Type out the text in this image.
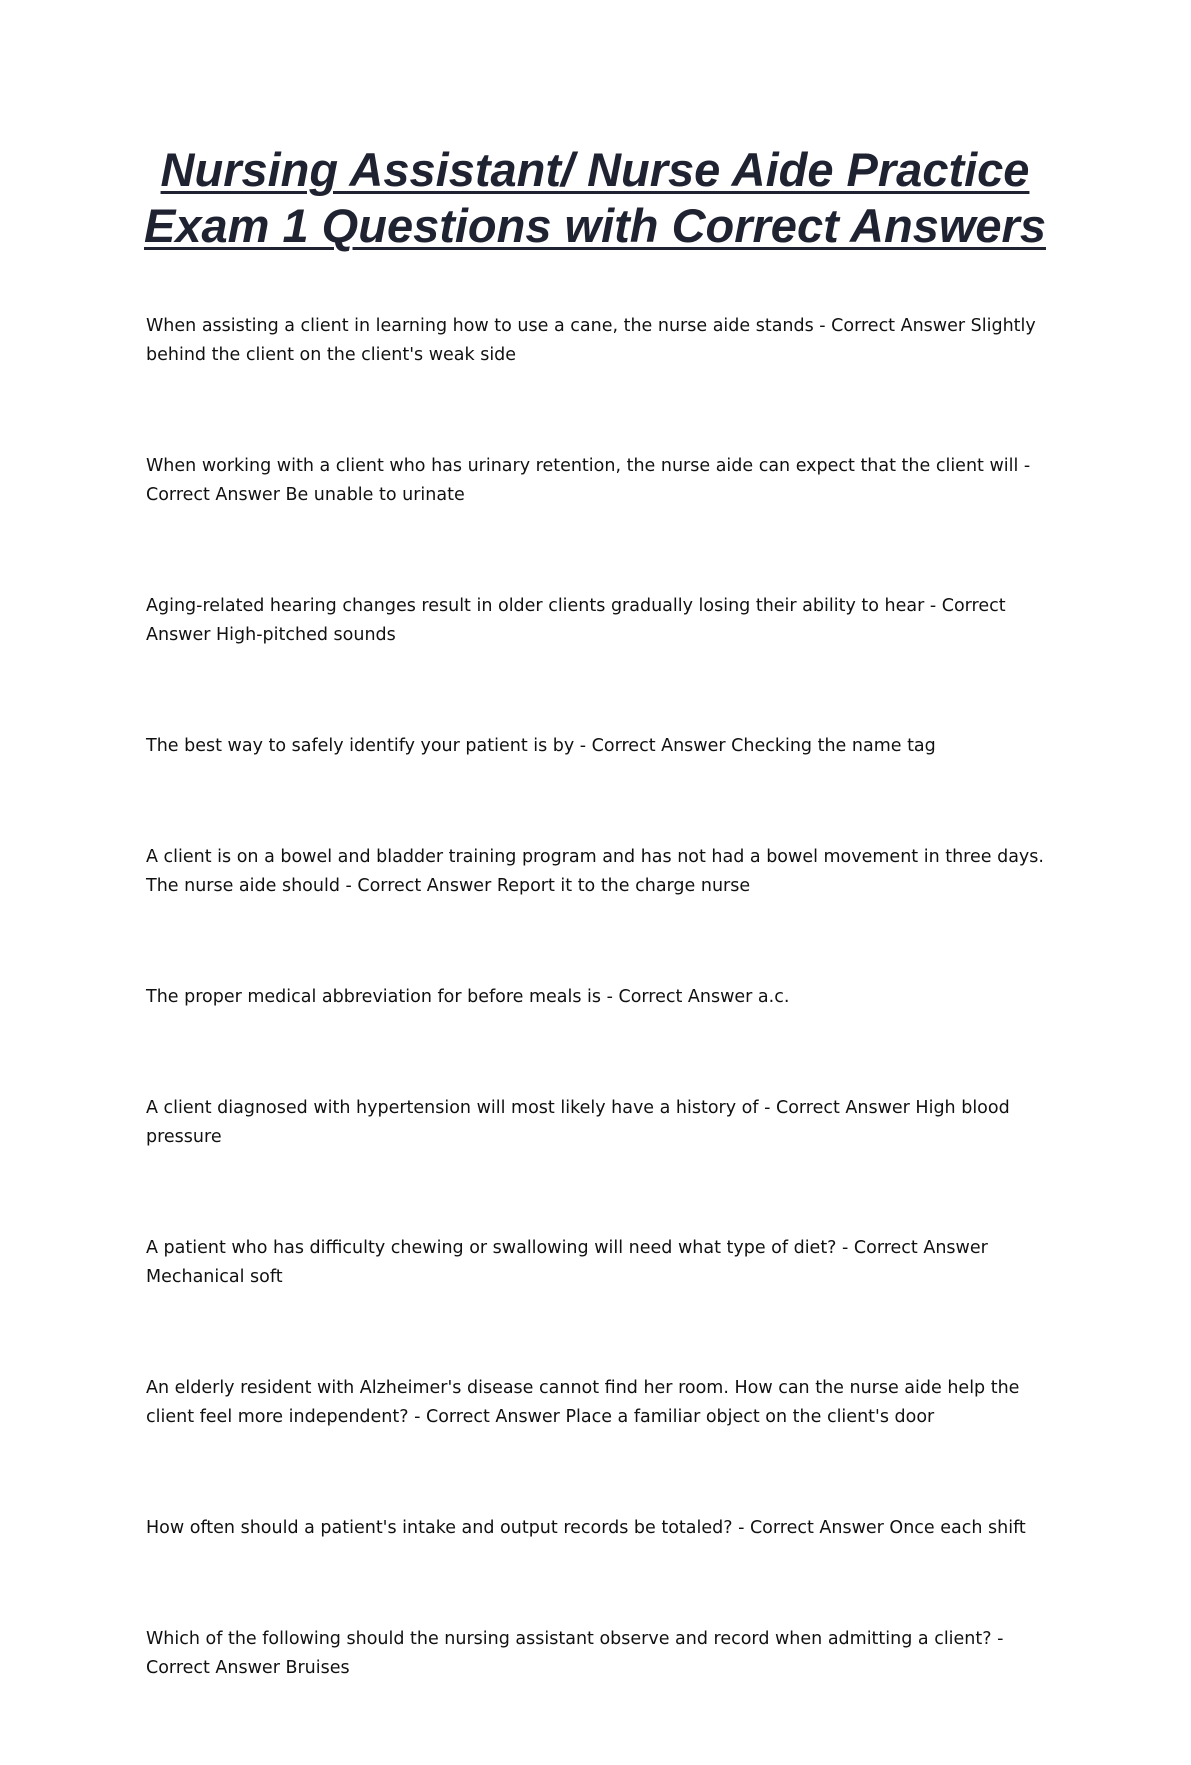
Nursing Assistant/ Nurse Aide Practice Exam 1 Questions with Correct Answers
When assisting a client in learning how to use a cane, the nurse aide stands - Correct Answer Slightly behind the client on the client's weak side
When working with a client who has urinary retention, the nurse aide can expect that the client will - Correct Answer Be unable to urinate
Aging-related hearing changes result in older clients gradually losing their ability to hear - Correct Answer High-pitched sounds
The best way to safely identify your patient is by - Correct Answer Checking the name tag
A client is on a bowel and bladder training program and has not had a bowel movement in three days. The nurse aide should - Correct Answer Report it to the charge nurse
The proper medical abbreviation for before meals is - Correct Answer a.c.
A client diagnosed with hypertension will most likely have a history of - Correct Answer High blood pressure
A patient who has difficulty chewing or swallowing will need what type of diet? - Correct Answer Mechanical soft
An elderly resident with Alzheimer's disease cannot find her room. How can the nurse aide help the client feel more independent? - Correct Answer Place a familiar object on the client's door
How often should a patient's intake and output records be totaled? - Correct Answer Once each shift
Which of the following should the nursing assistant observe and record when admitting a client? - Correct Answer Bruises
